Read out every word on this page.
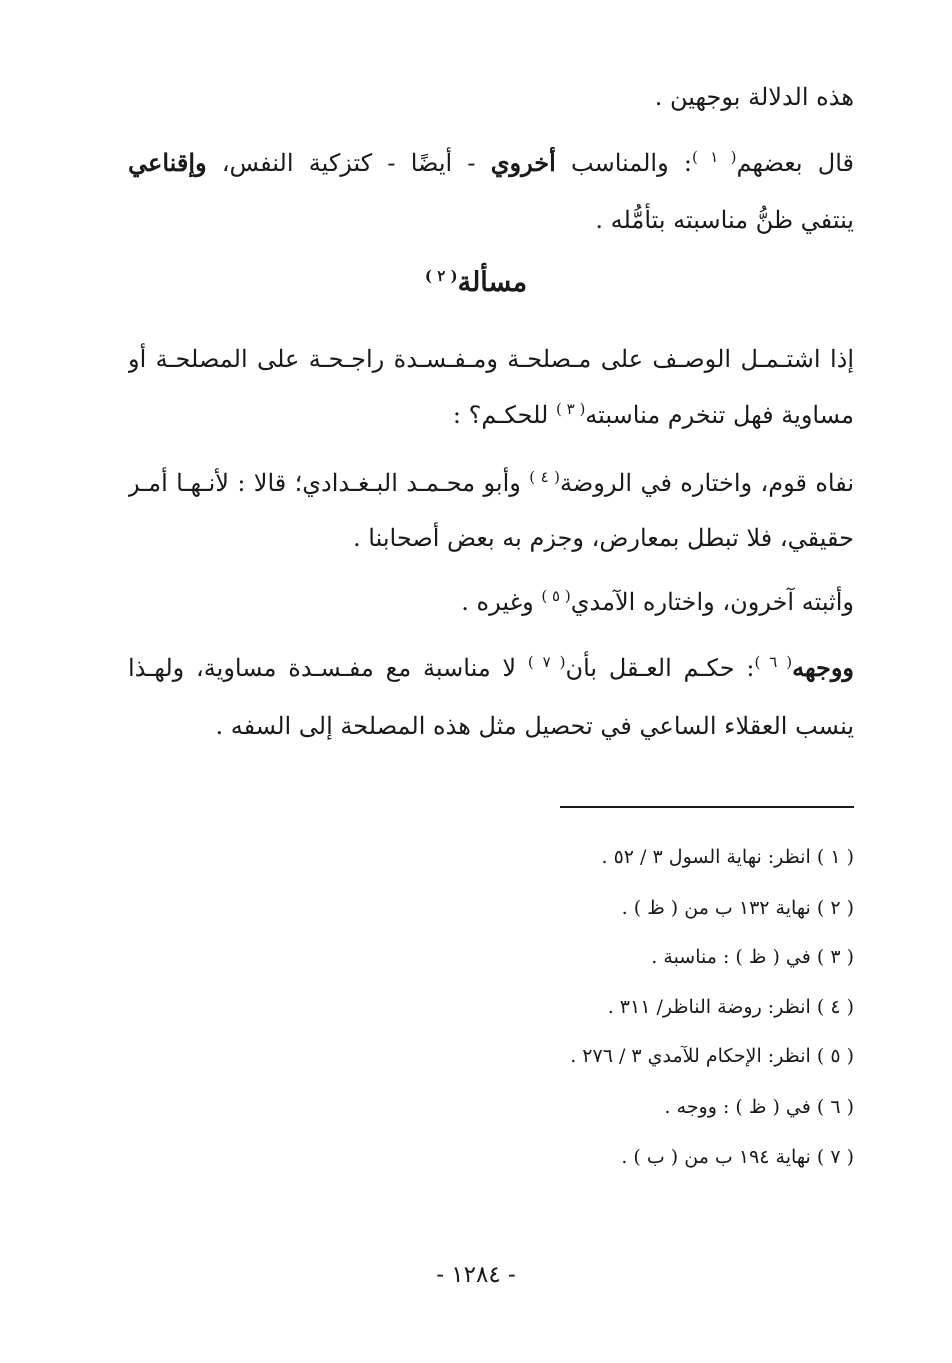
هذه الدلالة بوجهين .
قال بعضهم$^{( ١ )}$: والمناسب أخروي - أيضًا - كتزكية النفس، وإقناعي
ينتفي ظنُّ مناسبته بتأمُّله .
مسألة$^{( ٢ )}$
إذا اشتـمـل الوصـف على مـصلحـة ومـفـسـدة راجـحـة على المصلحـة أو
مساوية فهل تنخرم مناسبته$^{( ٣ )}$ للحكـم؟ :
نفاه قوم، واختاره في الروضة$^{( ٤ )}$ وأبو محـمـد البـغـدادي؛ قالا : لأنـهـا أمـر
حقيقي، فلا تبطل بمعارض، وجزم به بعض أصحابنا .
وأثبته آخرون، واختاره الآمدي$^{( ٥ )}$ وغيره .
ووجهه$^{( ٦ )}$: حكـم العـقل بأن$^{( ٧ )}$ لا مناسبة مع مفـسـدة مساوية، ولهـذا
ينسب العقلاء الساعي في تحصيل مثل هذه المصلحة إلى السفه .
( ١ ) انظر: نهاية السول ٣ / ٥٢ .
( ٢ ) نهاية ١٣٢ ب من ( ظ ) .
( ٣ ) في ( ظ ) : مناسبة .
( ٤ ) انظر: روضة الناظر/ ٣١١ .
( ٥ ) انظر: الإحكام للآمدي ٣ / ٢٧٦ .
( ٦ ) في ( ظ ) : ووجه .
( ٧ ) نهاية ١٩٤ ب من ( ب ) .
- ١٢٨٤ -
